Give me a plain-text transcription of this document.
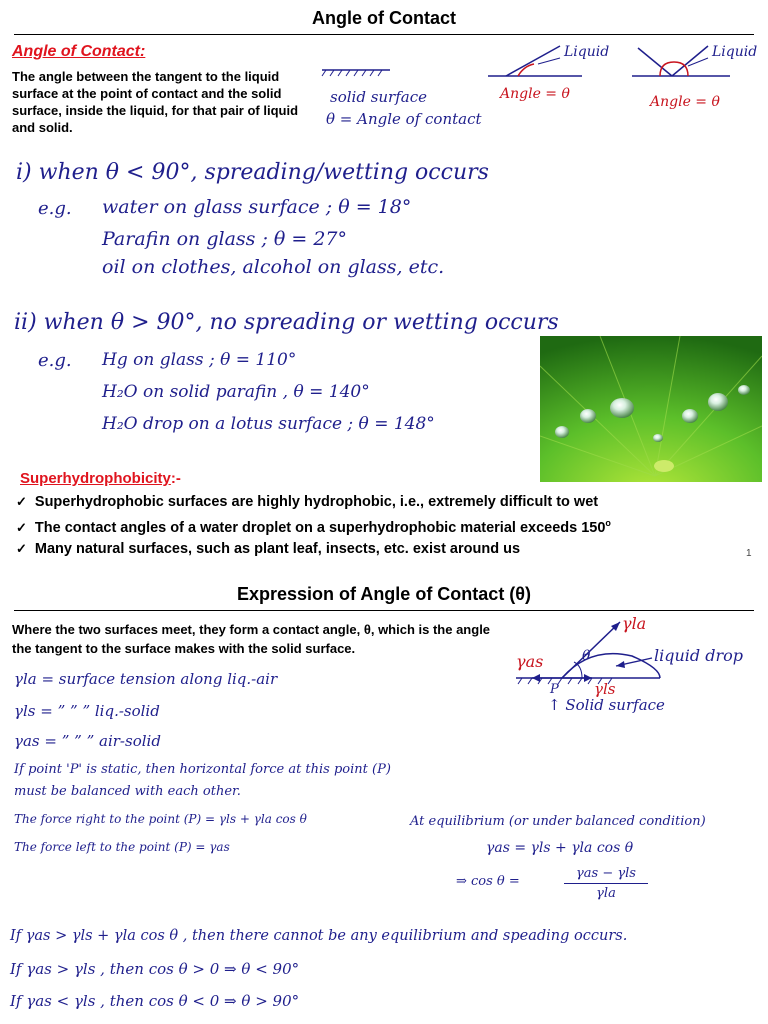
Angle of Contact
Angle of Contact:
The angle between the tangent to the liquid surface at the point of contact and the solid surface, inside the liquid, for that pair of liquid and solid.
solid surface
θ = Angle of contact
Liquid
Angle = θ
Liquid
Angle = θ
i) when θ < 90°, spreading/wetting occurs
e.g. water on glass surface ; θ = 18°
Parafin on glass ; θ = 27°
oil on clothes, alcohol on glass, etc.
ii) when θ > 90°, no spreading or wetting occurs
e.g. Hg on glass ; θ = 110°
H₂O on solid parafin , θ = 140°
H₂O drop on a lotus surface ; θ = 148°
Superhydrophobicity:-
✓ Superhydrophobic surfaces are highly hydrophobic, i.e., extremely difficult to wet
✓ The contact angles of a water droplet on a superhydrophobic material exceeds 150$^o$
✓ Many natural surfaces, such as plant leaf, insects, etc. exist around us	1
Expression of Angle of Contact (θ)
Where the two surfaces meet, they form a contact angle, θ, which is the angle the tangent to the surface makes with the solid surface.
γla
γas
γls
θ
P
liquid drop
↑ Solid surface
γla = surface tension along liq.-air
γls = ” ” ” liq.-solid
γas = ” ” ” air-solid
If point 'P' is static, then horizontal force at this point (P)
must be balanced with each other.
The force right to the point (P) = γls + γla cos θ
The force left to the point (P) = γas
At equilibrium (or under balanced condition)
γas = γls + γla cos θ
⇒ cos θ =
γas − γls
γla
If γas > γls + γla cos θ , then there cannot be any equilibrium and speading occurs.
If γas > γls , then cos θ > 0 ⇒ θ < 90°
If γas < γls , then cos θ < 0 ⇒ θ > 90°
